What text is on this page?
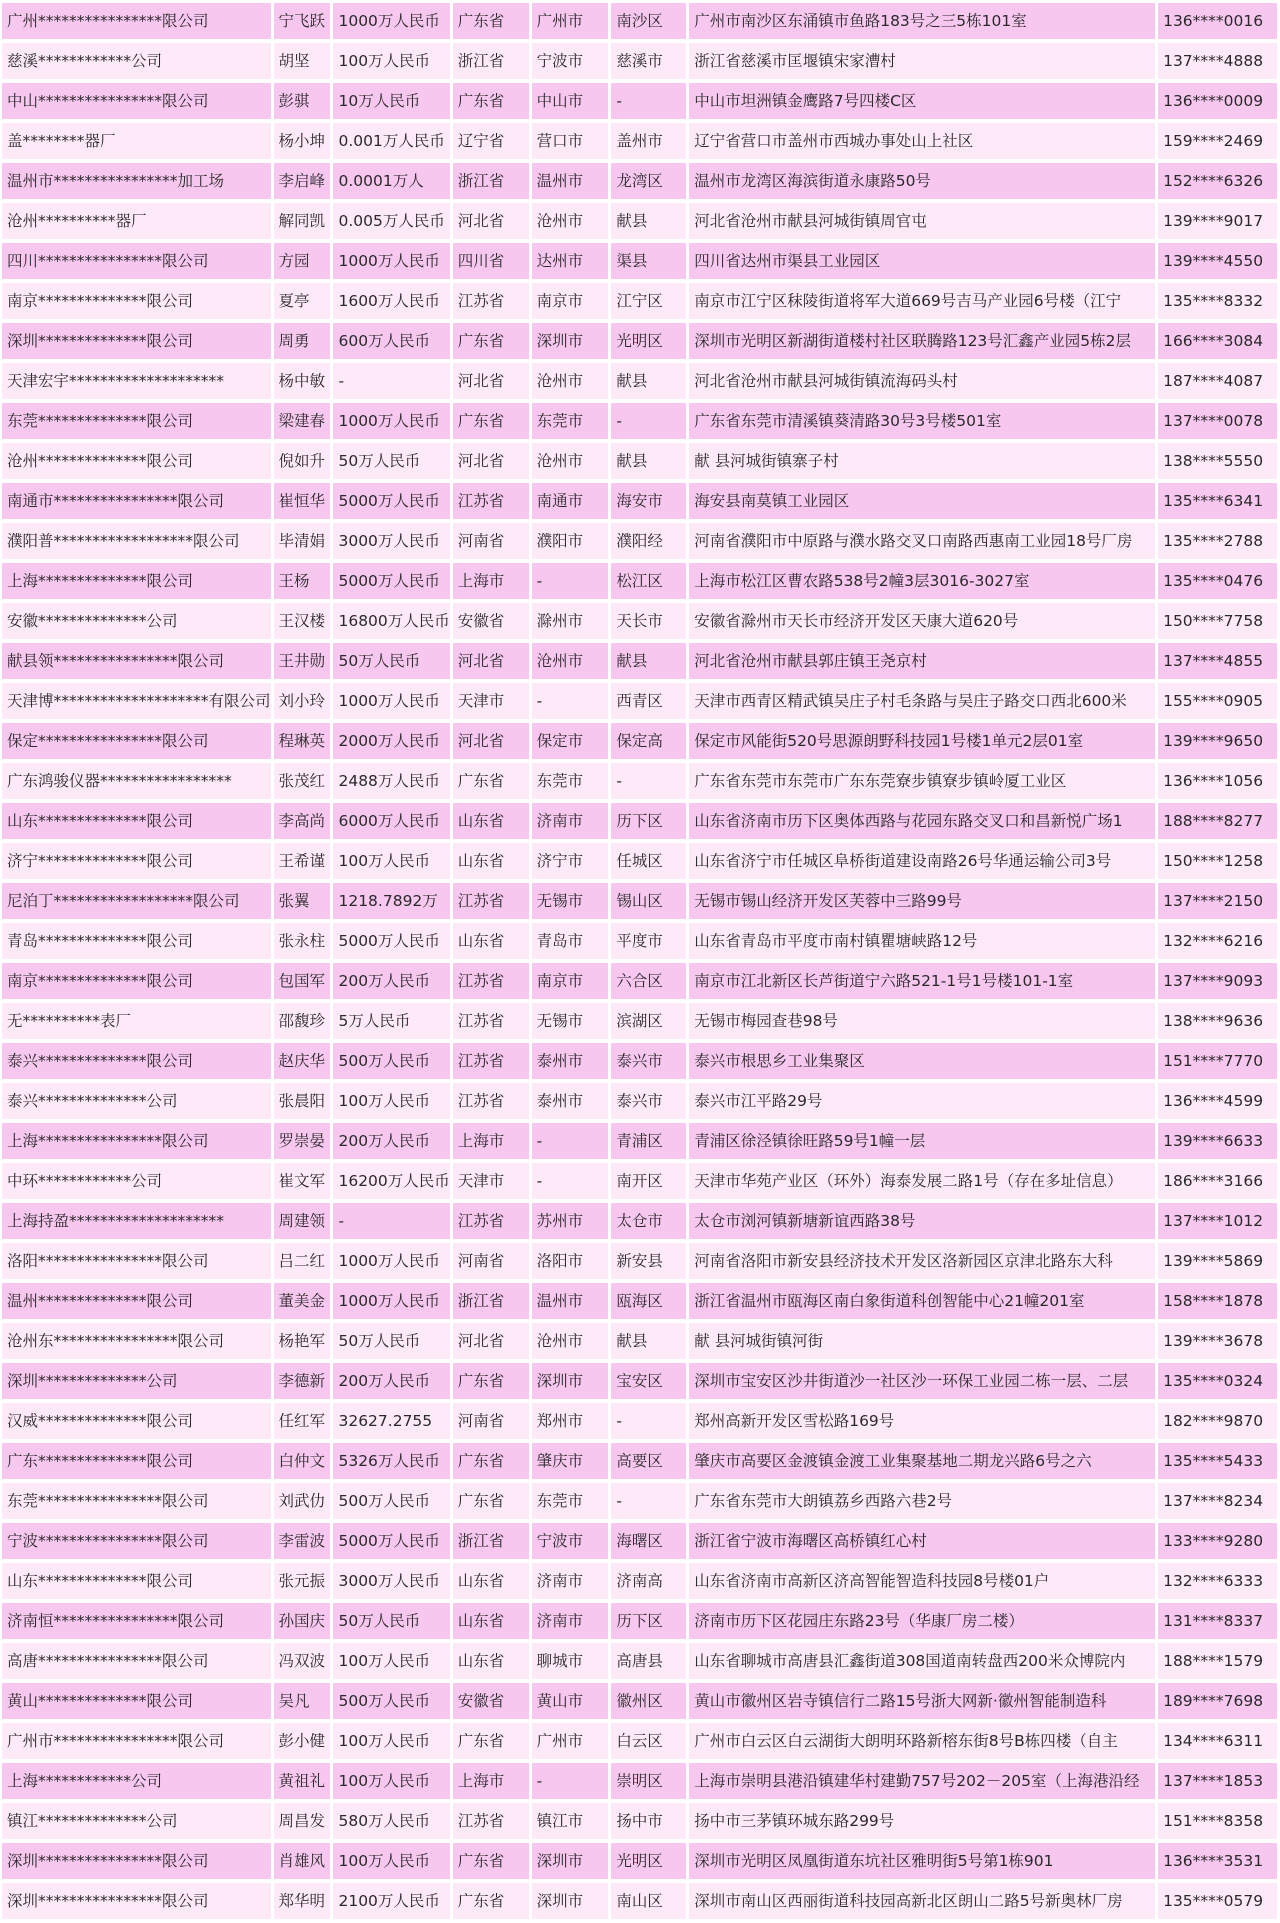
广州****************限公司	宁飞跃	1000万人民币	广东省	广州市	南沙区	广州市南沙区东涌镇市鱼路183号之三5栋101室	136****0016
慈溪************公司	胡坚	100万人民币	浙江省	宁波市	慈溪市	浙江省慈溪市匡堰镇宋家漕村	137****4888
中山****************限公司	彭骐	10万人民币	广东省	中山市	-	中山市坦洲镇金鹰路7号四楼C区	136****0009
盖********器厂	杨小坤	0.001万人民币	辽宁省	营口市	盖州市	辽宁省营口市盖州市西城办事处山上社区	159****2469
温州市****************加工场	李启峰	0.0001万人	浙江省	温州市	龙湾区	温州市龙湾区海滨街道永康路50号	152****6326
沧州**********器厂	解同凯	0.005万人民币	河北省	沧州市	献县	河北省沧州市献县河城街镇周官屯	139****9017
四川****************限公司	方园	1000万人民币	四川省	达州市	渠县	四川省达州市渠县工业园区	139****4550
南京**************限公司	夏亭	1600万人民币	江苏省	南京市	江宁区	南京市江宁区秣陵街道将军大道669号吉马产业园6号楼（江宁	135****8332
深圳**************限公司	周勇	600万人民币	广东省	深圳市	光明区	深圳市光明区新湖街道楼村社区联腾路123号汇鑫产业园5栋2层	166****3084
天津宏宇********************	杨中敏	-	河北省	沧州市	献县	河北省沧州市献县河城街镇流海码头村	187****4087
东莞**************限公司	梁建春	1000万人民币	广东省	东莞市	-	广东省东莞市清溪镇葵清路30号3号楼501室	137****0078
沧州**************限公司	倪如升	50万人民币	河北省	沧州市	献县	献 县河城街镇寨子村	138****5550
南通市****************限公司	崔恒华	5000万人民币	江苏省	南通市	海安市	海安县南莫镇工业园区	135****6341
濮阳普******************限公司	毕清娟	3000万人民币	河南省	濮阳市	濮阳经	河南省濮阳市中原路与濮水路交叉口南路西惠南工业园18号厂房	135****2788
上海**************限公司	王杨	5000万人民币	上海市	-	松江区	上海市松江区曹农路538号2幢3层3016-3027室	135****0476
安徽**************公司	王汉楼	16800万人民币	安徽省	滁州市	天长市	安徽省滁州市天长市经济开发区天康大道620号	150****7758
献县领****************限公司	王井勋	50万人民币	河北省	沧州市	献县	河北省沧州市献县郭庄镇王尧京村	137****4855
天津博********************有限公司	刘小玲	1000万人民币	天津市	-	西青区	天津市西青区精武镇吴庄子村毛条路与吴庄子路交口西北600米	155****0905
保定****************限公司	程琳英	2000万人民币	河北省	保定市	保定高	保定市风能街520号思源朗野科技园1号楼1单元2层01室	139****9650
广东鸿骏仪器*****************	张茂红	2488万人民币	广东省	东莞市	-	广东省东莞市东莞市广东东莞寮步镇寮步镇岭厦工业区	136****1056
山东**************限公司	李高尚	6000万人民币	山东省	济南市	历下区	山东省济南市历下区奥体西路与花园东路交叉口和昌新悦广场1	188****8277
济宁**************限公司	王希谨	100万人民币	山东省	济宁市	任城区	山东省济宁市任城区阜桥街道建设南路26号华通运输公司3号	150****1258
尼泊丁******************限公司	张翼	1218.7892万	江苏省	无锡市	锡山区	无锡市锡山经济开发区芙蓉中三路99号	137****2150
青岛**************限公司	张永柱	5000万人民币	山东省	青岛市	平度市	山东省青岛市平度市南村镇瞿塘峡路12号	132****6216
南京**************限公司	包国军	200万人民币	江苏省	南京市	六合区	南京市江北新区长芦街道宁六路521-1号1号楼101-1室	137****9093
无**********表厂	邵馥珍	5万人民币	江苏省	无锡市	滨湖区	无锡市梅园查巷98号	138****9636
泰兴**************限公司	赵庆华	500万人民币	江苏省	泰州市	泰兴市	泰兴市根思乡工业集聚区	151****7770
泰兴**************公司	张晨阳	100万人民币	江苏省	泰州市	泰兴市	泰兴市江平路29号	136****4599
上海****************限公司	罗崇晏	200万人民币	上海市	-	青浦区	青浦区徐泾镇徐旺路59号1幢一层	139****6633
中环************公司	崔文军	16200万人民币	天津市	-	南开区	天津市华苑产业区（环外）海泰发展二路1号（存在多址信息）	186****3166
上海持盈********************	周建领	-	江苏省	苏州市	太仓市	太仓市浏河镇新塘新谊西路38号	137****1012
洛阳****************限公司	吕二红	1000万人民币	河南省	洛阳市	新安县	河南省洛阳市新安县经济技术开发区洛新园区京津北路东大科	139****5869
温州**************限公司	董美金	1000万人民币	浙江省	温州市	瓯海区	浙江省温州市瓯海区南白象街道科创智能中心21幢201室	158****1878
沧州东****************限公司	杨艳军	50万人民币	河北省	沧州市	献县	献 县河城街镇河街	139****3678
深圳**************公司	李德新	200万人民币	广东省	深圳市	宝安区	深圳市宝安区沙井街道沙一社区沙一环保工业园二栋一层、二层	135****0324
汉威**************限公司	任红军	32627.2755	河南省	郑州市	-	郑州高新开发区雪松路169号	182****9870
广东**************限公司	白仲文	5326万人民币	广东省	肇庆市	高要区	肇庆市高要区金渡镇金渡工业集聚基地二期龙兴路6号之六	135****5433
东莞****************限公司	刘武仂	500万人民币	广东省	东莞市	-	广东省东莞市大朗镇荔乡西路六巷2号	137****8234
宁波****************限公司	李雷波	5000万人民币	浙江省	宁波市	海曙区	浙江省宁波市海曙区高桥镇红心村	133****9280
山东**************限公司	张元振	3000万人民币	山东省	济南市	济南高	山东省济南市高新区济高智能智造科技园8号楼01户	132****6333
济南恒****************限公司	孙国庆	50万人民币	山东省	济南市	历下区	济南市历下区花园庄东路23号（华康厂房二楼）	131****8337
高唐****************限公司	冯双波	100万人民币	山东省	聊城市	高唐县	山东省聊城市高唐县汇鑫街道308国道南转盘西200米众博院内	188****1579
黄山**************限公司	吴凡	500万人民币	安徽省	黄山市	徽州区	黄山市徽州区岩寺镇信行二路15号浙大网新·徽州智能制造科	189****7698
广州市****************限公司	彭小健	100万人民币	广东省	广州市	白云区	广州市白云区白云湖街大朗明环路新榕东街8号B栋四楼（自主	134****6311
上海************公司	黄祖礼	100万人民币	上海市	-	崇明区	上海市崇明县港沿镇建华村建勤757号202－205室（上海港沿经	137****1853
镇江**************公司	周昌发	580万人民币	江苏省	镇江市	扬中市	扬中市三茅镇环城东路299号	151****8358
深圳****************限公司	肖雄风	100万人民币	广东省	深圳市	光明区	深圳市光明区凤凰街道东坑社区雅明街5号第1栋901	136****3531
深圳****************限公司	郑华明	2100万人民币	广东省	深圳市	南山区	深圳市南山区西丽街道科技园高新北区朗山二路5号新奥林厂房	135****0579
